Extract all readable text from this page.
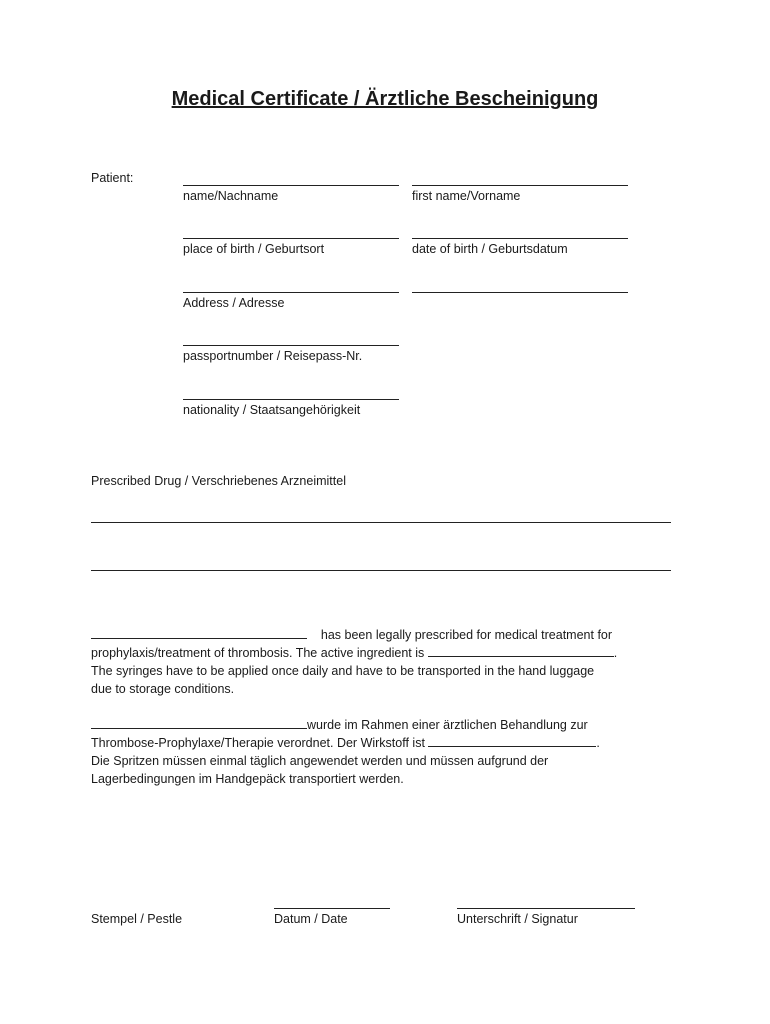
Medical Certificate / Ärztliche Bescheinigung
Patient:
name/Nachname	first name/Vorname
place of birth / Geburtsort	date of birth / Geburtsdatum
Address / Adresse
passportnumber / Reisepass-Nr.
nationality / Staatsangehörigkeit
Prescribed Drug / Verschriebenes Arzneimittel
has been legally prescribed for medical treatment for
prophylaxis/treatment of thrombosis. The active ingredient is	.
The syringes have to be applied once daily and have to be transported in the hand luggage
due to storage conditions.
wurde im Rahmen einer ärztlichen Behandlung zur
Thrombose-Prophylaxe/Therapie verordnet. Der Wirkstoff ist	.
Die Spritzen müssen einmal täglich angewendet werden und müssen aufgrund der
Lagerbedingungen im Handgepäck transportiert werden.
Stempel / Pestle	Datum / Date	Unterschrift / Signatur
